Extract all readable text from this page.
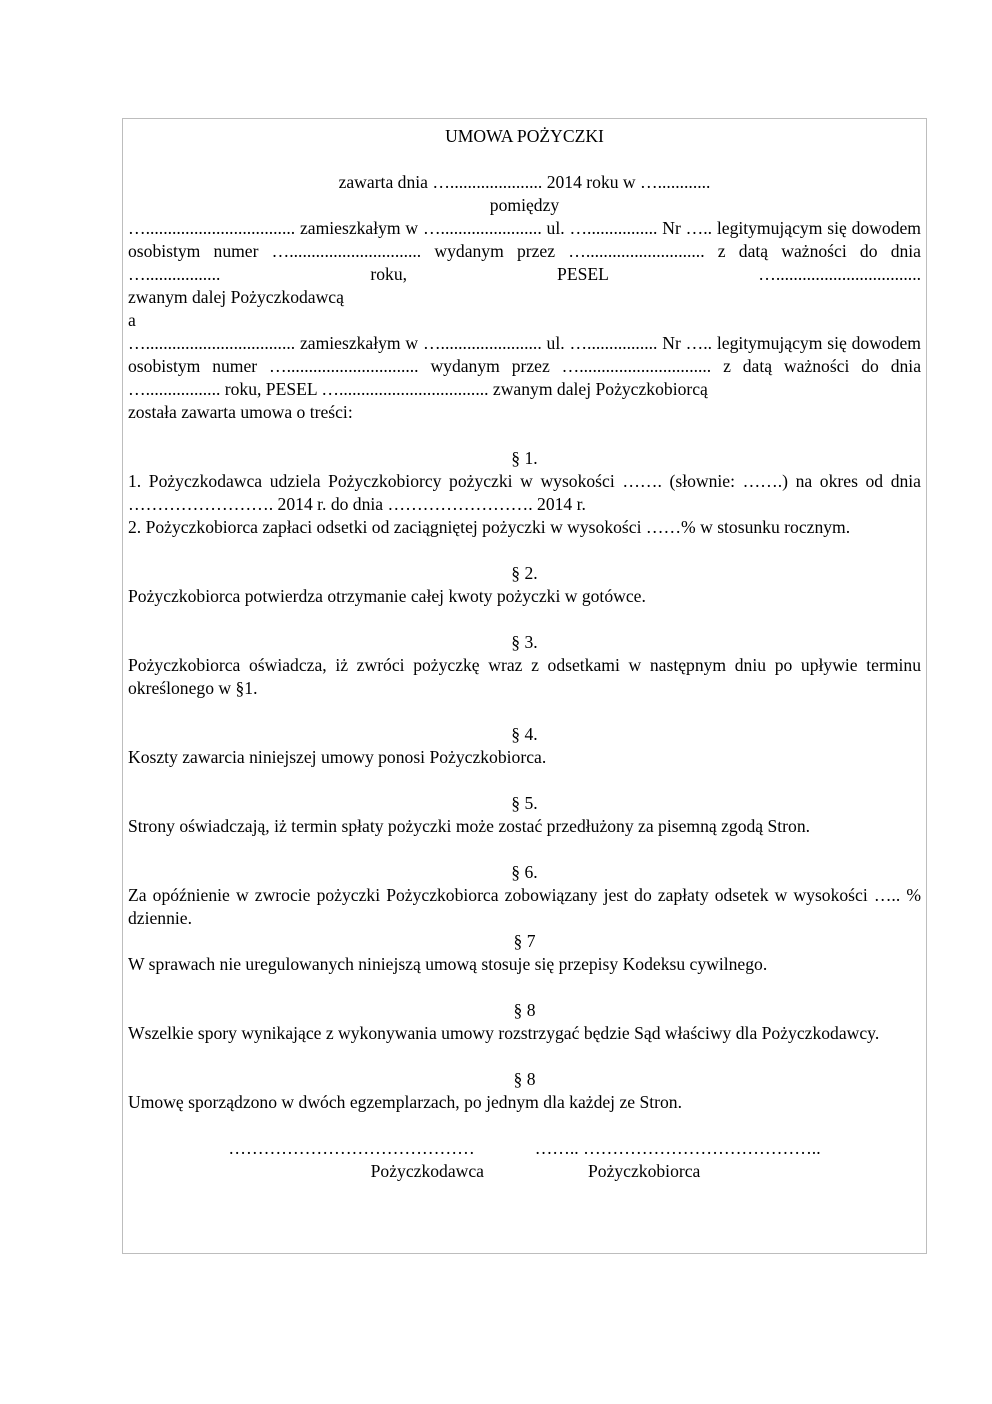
UMOWA POŻYCZKI
zawarta dnia …..................... 2014 roku w …............
pomiędzy
….................................. zamieszkałym w …....................... ul. …................ Nr ….. legitymującym się dowodem osobistym numer ….............................. wydanym przez …........................... z datą ważności do dnia …................. roku, PESEL ….................................
zwanym dalej Pożyczkodawcą
a
….................................. zamieszkałym w …....................... ul. …................ Nr ….. legitymującym się dowodem osobistym numer ….............................. wydanym przez ….............................. z datą ważności do dnia …................. roku, PESEL ….................................. zwanym dalej Pożyczkobiorcą
została zawarta umowa o treści:
§ 1.
1. Pożyczkodawca udziela Pożyczkobiorcy pożyczki w wysokości ……. (słownie: …….) na okres od dnia ……………………. 2014 r. do dnia ……………………. 2014 r.
2. Pożyczkobiorca zapłaci odsetki od zaciągniętej pożyczki w wysokości ……% w stosunku rocznym.
§ 2.
Pożyczkobiorca potwierdza otrzymanie całej kwoty pożyczki w gotówce.
§ 3.
Pożyczkobiorca oświadcza, iż zwróci pożyczkę wraz z odsetkami w następnym dniu po upływie terminu określonego w §1.
§ 4.
Koszty zawarcia niniejszej umowy ponosi Pożyczkobiorca.
§ 5.
Strony oświadczają, iż termin spłaty pożyczki może zostać przedłużony za pisemną zgodą Stron.
§ 6.
Za opóźnienie w zwrocie pożyczki Pożyczkobiorca zobowiązany jest do zapłaty odsetek w wysokości ….. % dziennie.
§ 7
W sprawach nie uregulowanych niniejszą umową stosuje się przepisy Kodeksu cywilnego.
§ 8
Wszelkie spory wynikające z wykonywania umowy rozstrzygać będzie Sąd właściwy dla Pożyczkodawcy.
§ 8
Umowę sporządzono w dwóch egzemplarzach, po jednym dla każdej ze Stron.
……………………………………	…….. …………………………………..
Pożyczkodawca	Pożyczkobiorca
